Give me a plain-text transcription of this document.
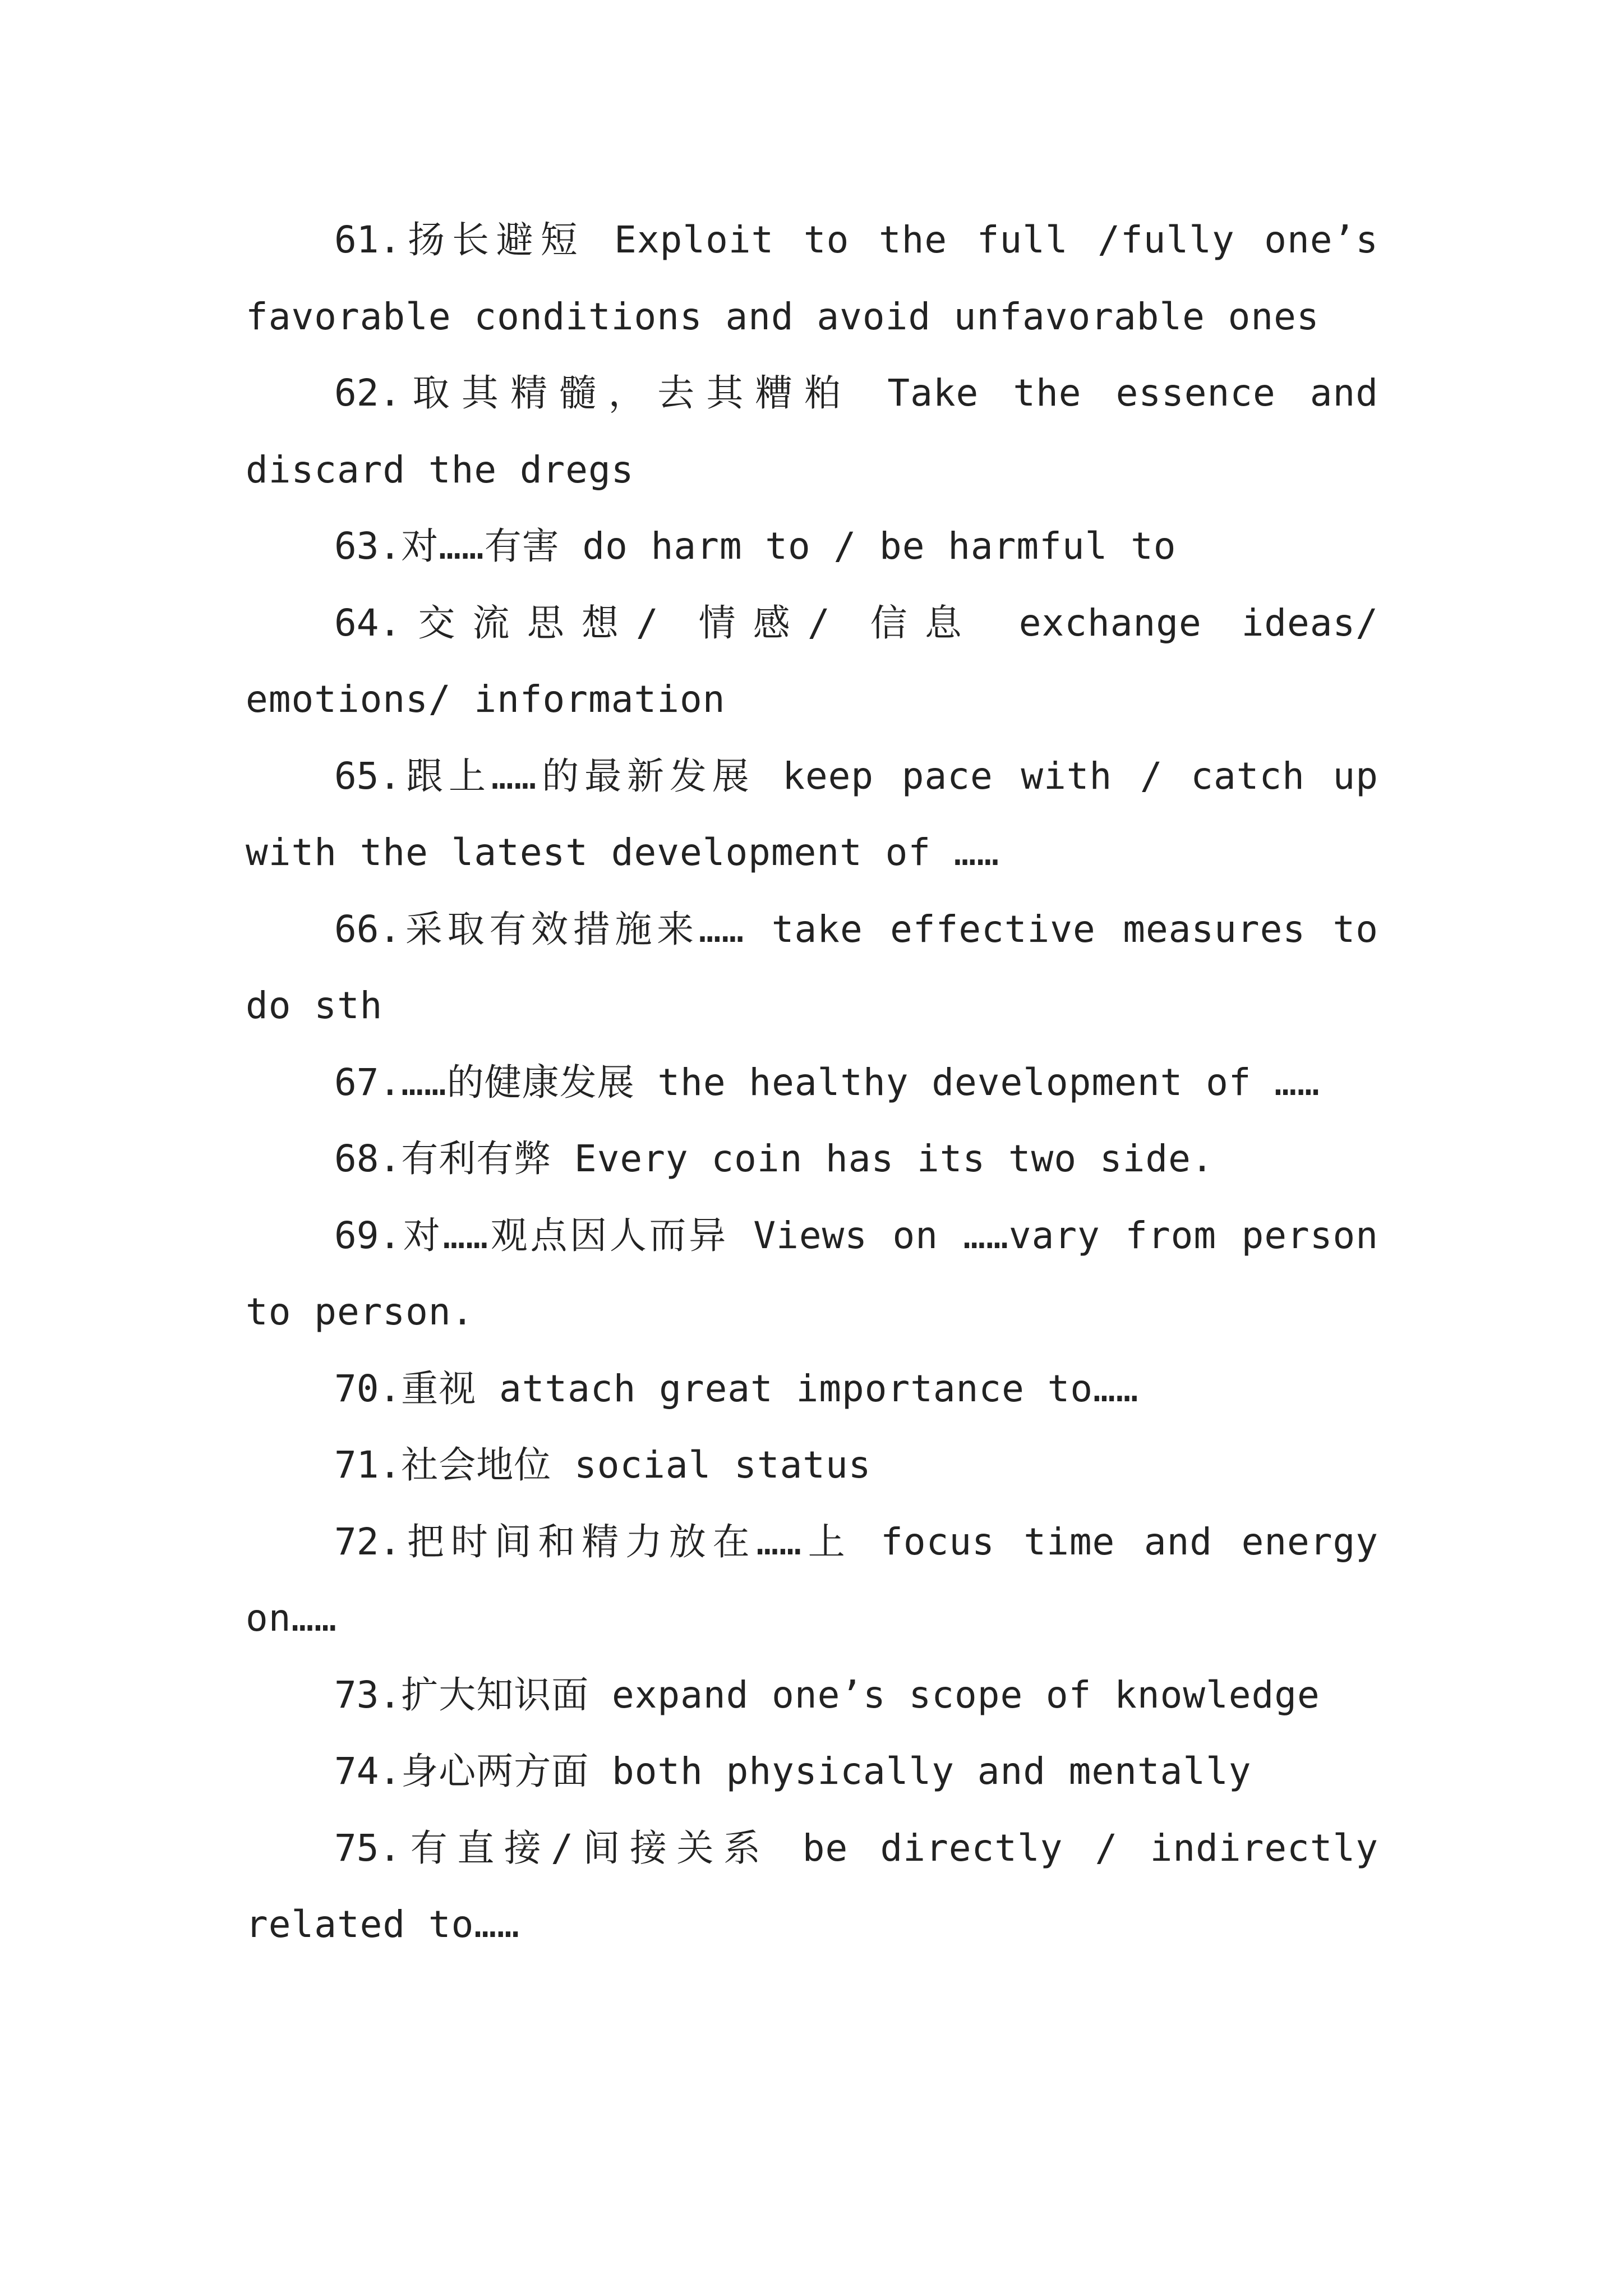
61.扬长避短 Exploit to the full /fully one’s favorable conditions and avoid unfavorable ones

62.取其精髓，去其糟粕 Take the essence and discard the dregs

63.对……有害 do harm to / be harmful to

64.交流思想/ 情感/ 信息 exchange ideas/ emotions/ information

65.跟上……的最新发展 keep pace with / catch up with the latest development of ……

66.采取有效措施来…… take effective measures to do sth

67.……的健康发展 the healthy development of ……

68.有利有弊 Every coin has its two side.

69.对……观点因人而异 Views on ……vary from person to person.

70.重视 attach great importance to……

71.社会地位 social status

72.把时间和精力放在……上 focus time and energy on……

73.扩大知识面 expand one’s scope of knowledge

74.身心两方面 both physically and mentally

75.有直接/间接关系 be directly / indirectly related to……
